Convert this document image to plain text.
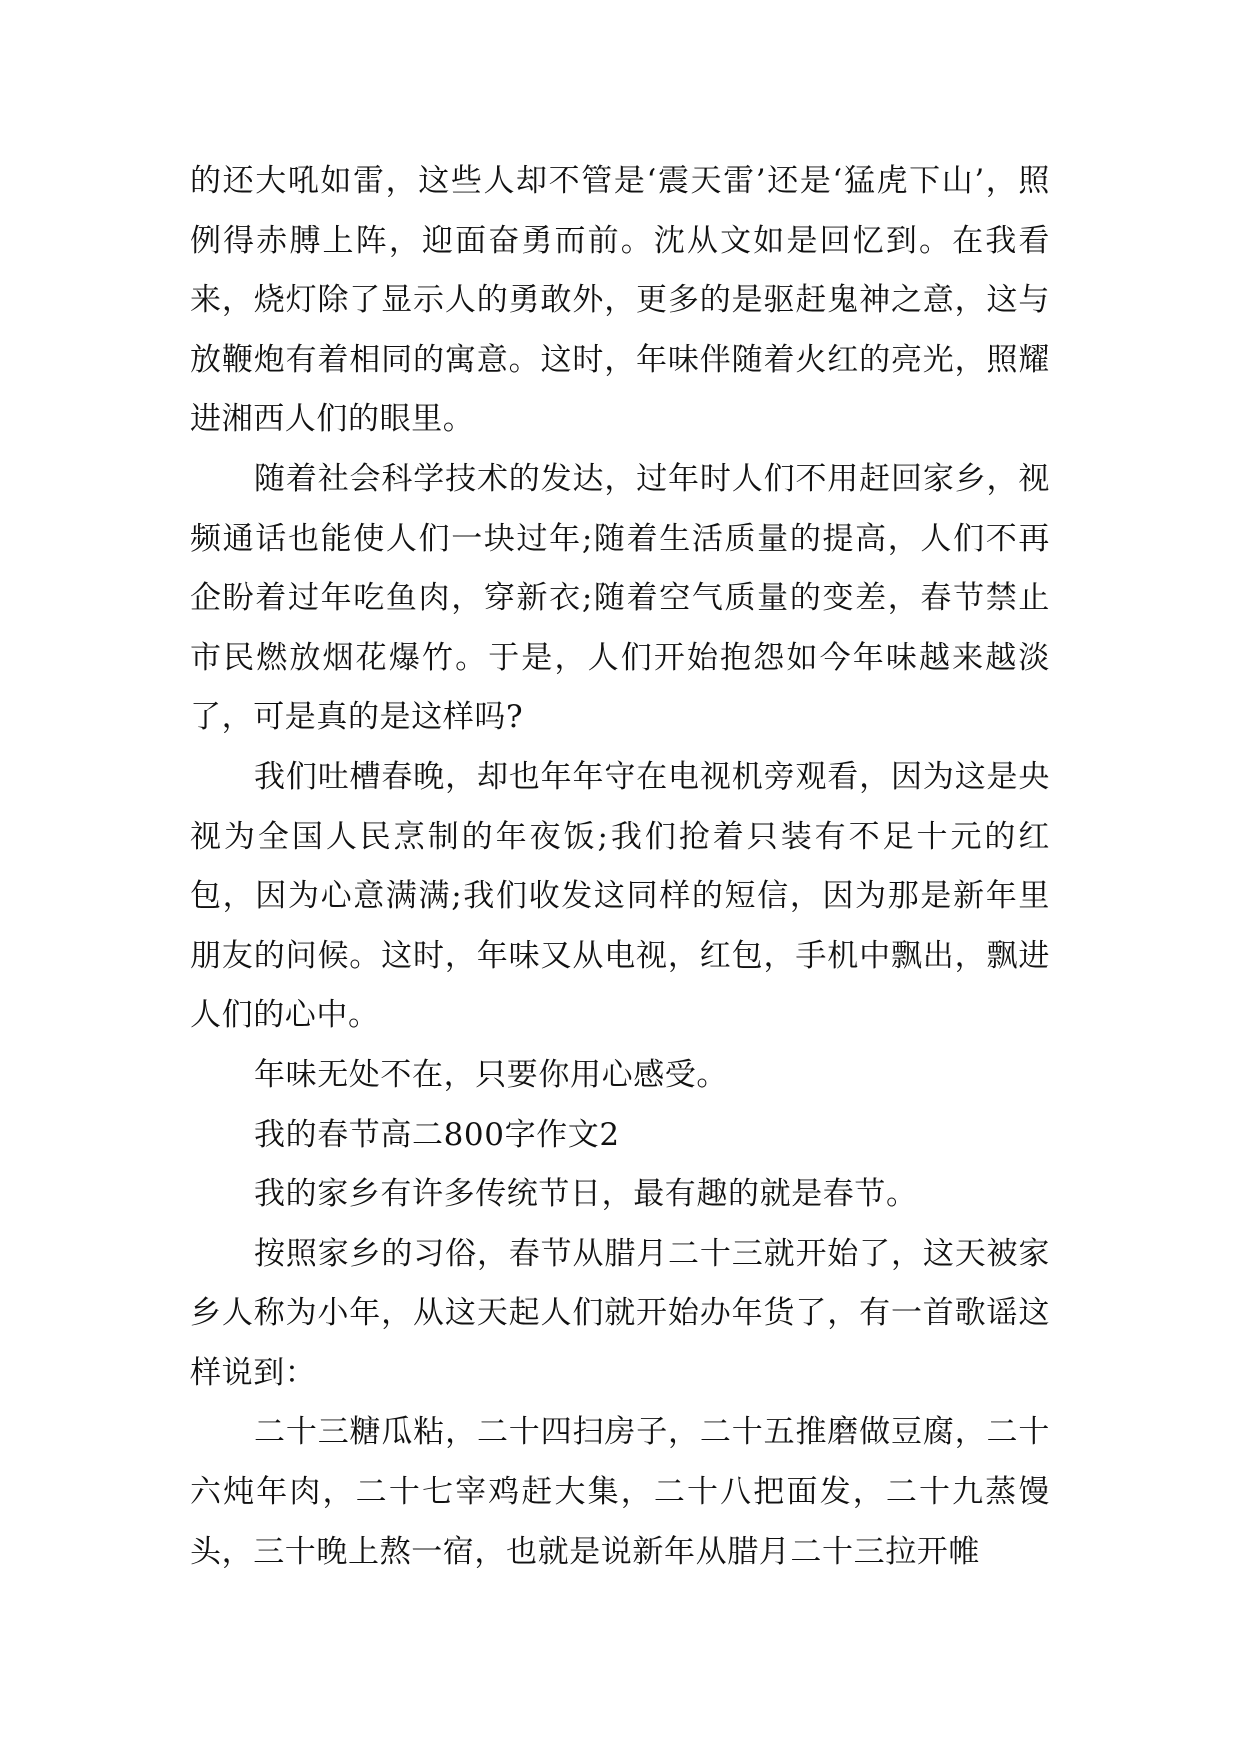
的还大吼如雷，这些人却不管是‘震天雷’还是‘猛虎下山’，照例得赤膊上阵，迎面奋勇而前。沈从文如是回忆到。在我看来，烧灯除了显示人的勇敢外，更多的是驱赶鬼神之意，这与放鞭炮有着相同的寓意。这时，年味伴随着火红的亮光，照耀进湘西人们的眼里。

随着社会科学技术的发达，过年时人们不用赶回家乡，视频通话也能使人们一块过年;随着生活质量的提高，人们不再企盼着过年吃鱼肉，穿新衣;随着空气质量的变差，春节禁止市民燃放烟花爆竹。于是，人们开始抱怨如今年味越来越淡了，可是真的是这样吗?

我们吐槽春晚，却也年年守在电视机旁观看，因为这是央视为全国人民烹制的年夜饭;我们抢着只装有不足十元的红包，因为心意满满;我们收发这同样的短信，因为那是新年里朋友的问候。这时，年味又从电视，红包，手机中飘出，飘进人们的心中。

年味无处不在，只要你用心感受。

我的春节高二800字作文2

我的家乡有许多传统节日，最有趣的就是春节。

按照家乡的习俗，春节从腊月二十三就开始了，这天被家乡人称为小年，从这天起人们就开始办年货了，有一首歌谣这样说到：

二十三糖瓜粘，二十四扫房子，二十五推磨做豆腐，二十六炖年肉，二十七宰鸡赶大集，二十八把面发，二十九蒸馒头，三十晚上熬一宿，也就是说新年从腊月二十三拉开帷
